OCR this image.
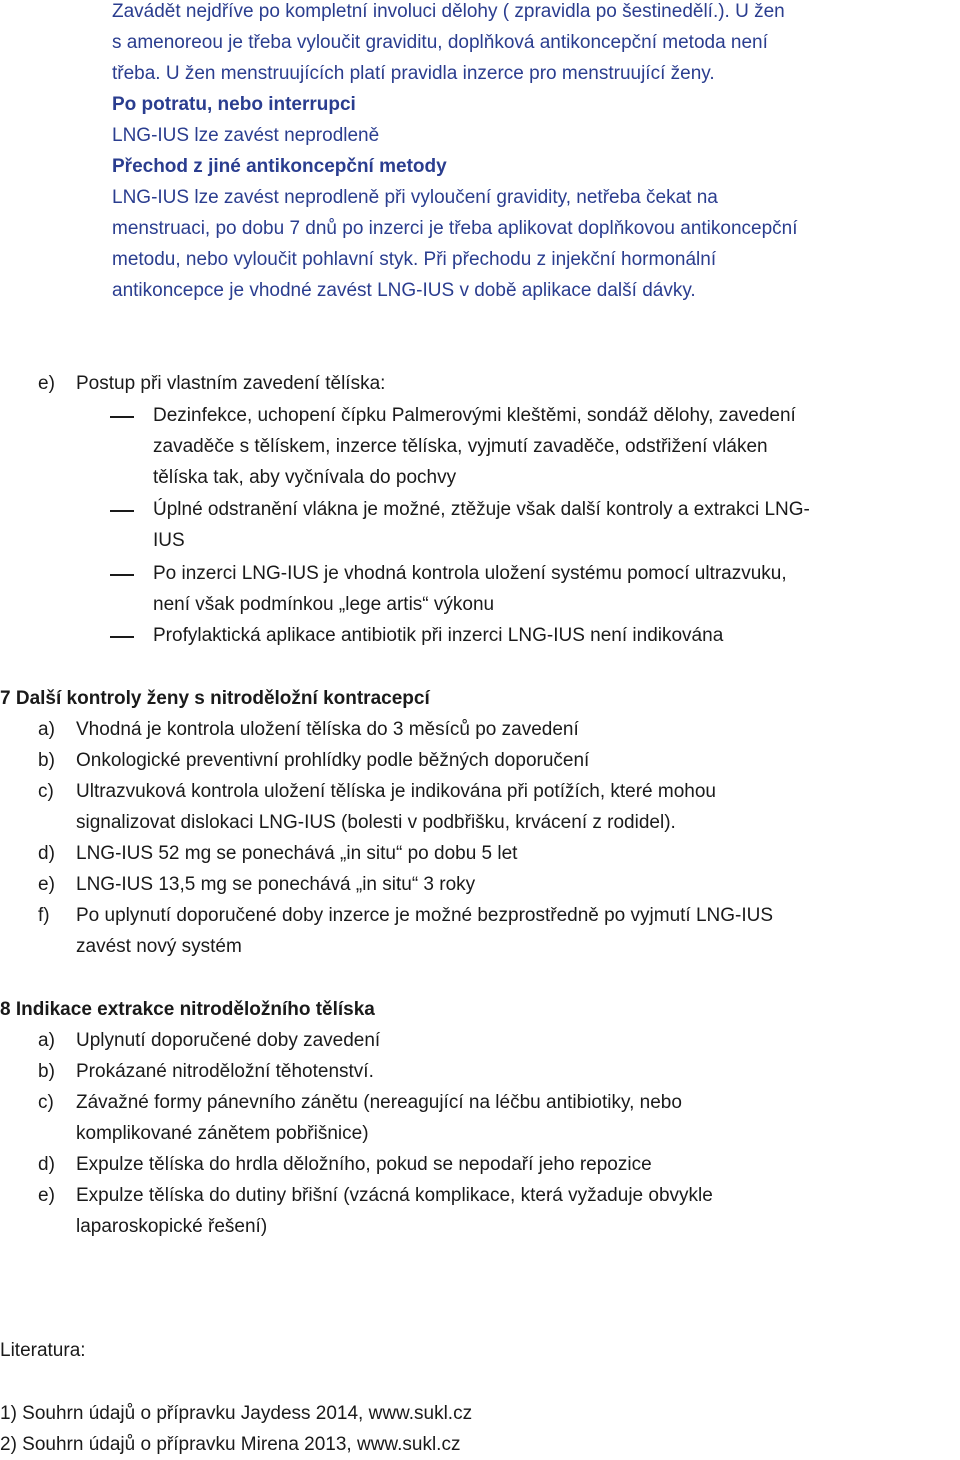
Zavádět nejdříve po kompletní involuci dělohy ( zpravidla po šestinedělí.). U žen
s amenoreou je třeba vyloučit graviditu, doplňková antikoncepční metoda není
třeba. U žen menstruujících platí pravidla inzerce pro menstruující ženy.
Po potratu, nebo interrupci
LNG-IUS lze zavést neprodleně
Přechod z jiné antikoncepční metody
LNG-IUS lze zavést neprodleně při vyloučení gravidity, netřeba čekat na
menstruaci, po dobu 7 dnů po inzerci je třeba aplikovat doplňkovou antikoncepční
metodu, nebo vyloučit pohlavní styk. Při přechodu z injekční hormonální
antikoncepce je vhodné zavést LNG-IUS v době aplikace další dávky.
e) Postup při vlastním zavedení tělíska:
Dezinfekce, uchopení čípku Palmerovými kleštěmi, sondáž dělohy, zavedení
zavaděče s tělískem, inzerce tělíska, vyjmutí zavaděče, odstřižení vláken
tělíska tak, aby vyčnívala do pochvy
Úplné odstranění vlákna je možné, ztěžuje však další kontroly a extrakci LNG-
IUS
Po inzerci LNG-IUS je vhodná kontrola uložení systému pomocí ultrazvuku,
není však podmínkou „lege artis“ výkonu
Profylaktická aplikace antibiotik při inzerci LNG-IUS není indikována
7 Další kontroly ženy s nitroděložní kontracepcí
a) Vhodná je kontrola uložení tělíska do 3 měsíců po zavedení
b) Onkologické preventivní prohlídky podle běžných doporučení
c) Ultrazvuková kontrola uložení tělíska je indikována při potížích, které mohou
signalizovat dislokaci LNG-IUS (bolesti v podbřišku, krvácení z rodidel).
d) LNG-IUS 52 mg se ponechává „in situ“ po dobu 5 let
e) LNG-IUS 13,5 mg se ponechává „in situ“ 3 roky
f) Po uplynutí doporučené doby inzerce je možné bezprostředně po vyjmutí LNG-IUS
zavést nový systém
8 Indikace extrakce nitroděložního tělíska
a) Uplynutí doporučené doby zavedení
b) Prokázané nitroděložní těhotenství.
c) Závažné formy pánevního zánětu (nereagující na léčbu antibiotiky, nebo
komplikované zánětem pobřišnice)
d) Expulze tělíska do hrdla děložního, pokud se nepodaří jeho repozice
e) Expulze tělíska do dutiny břišní (vzácná komplikace, která vyžaduje obvykle
laparoskopické řešení)
Literatura:
1) Souhrn údajů o přípravku Jaydess 2014, www.sukl.cz
2) Souhrn údajů o přípravku Mirena 2013, www.sukl.cz
